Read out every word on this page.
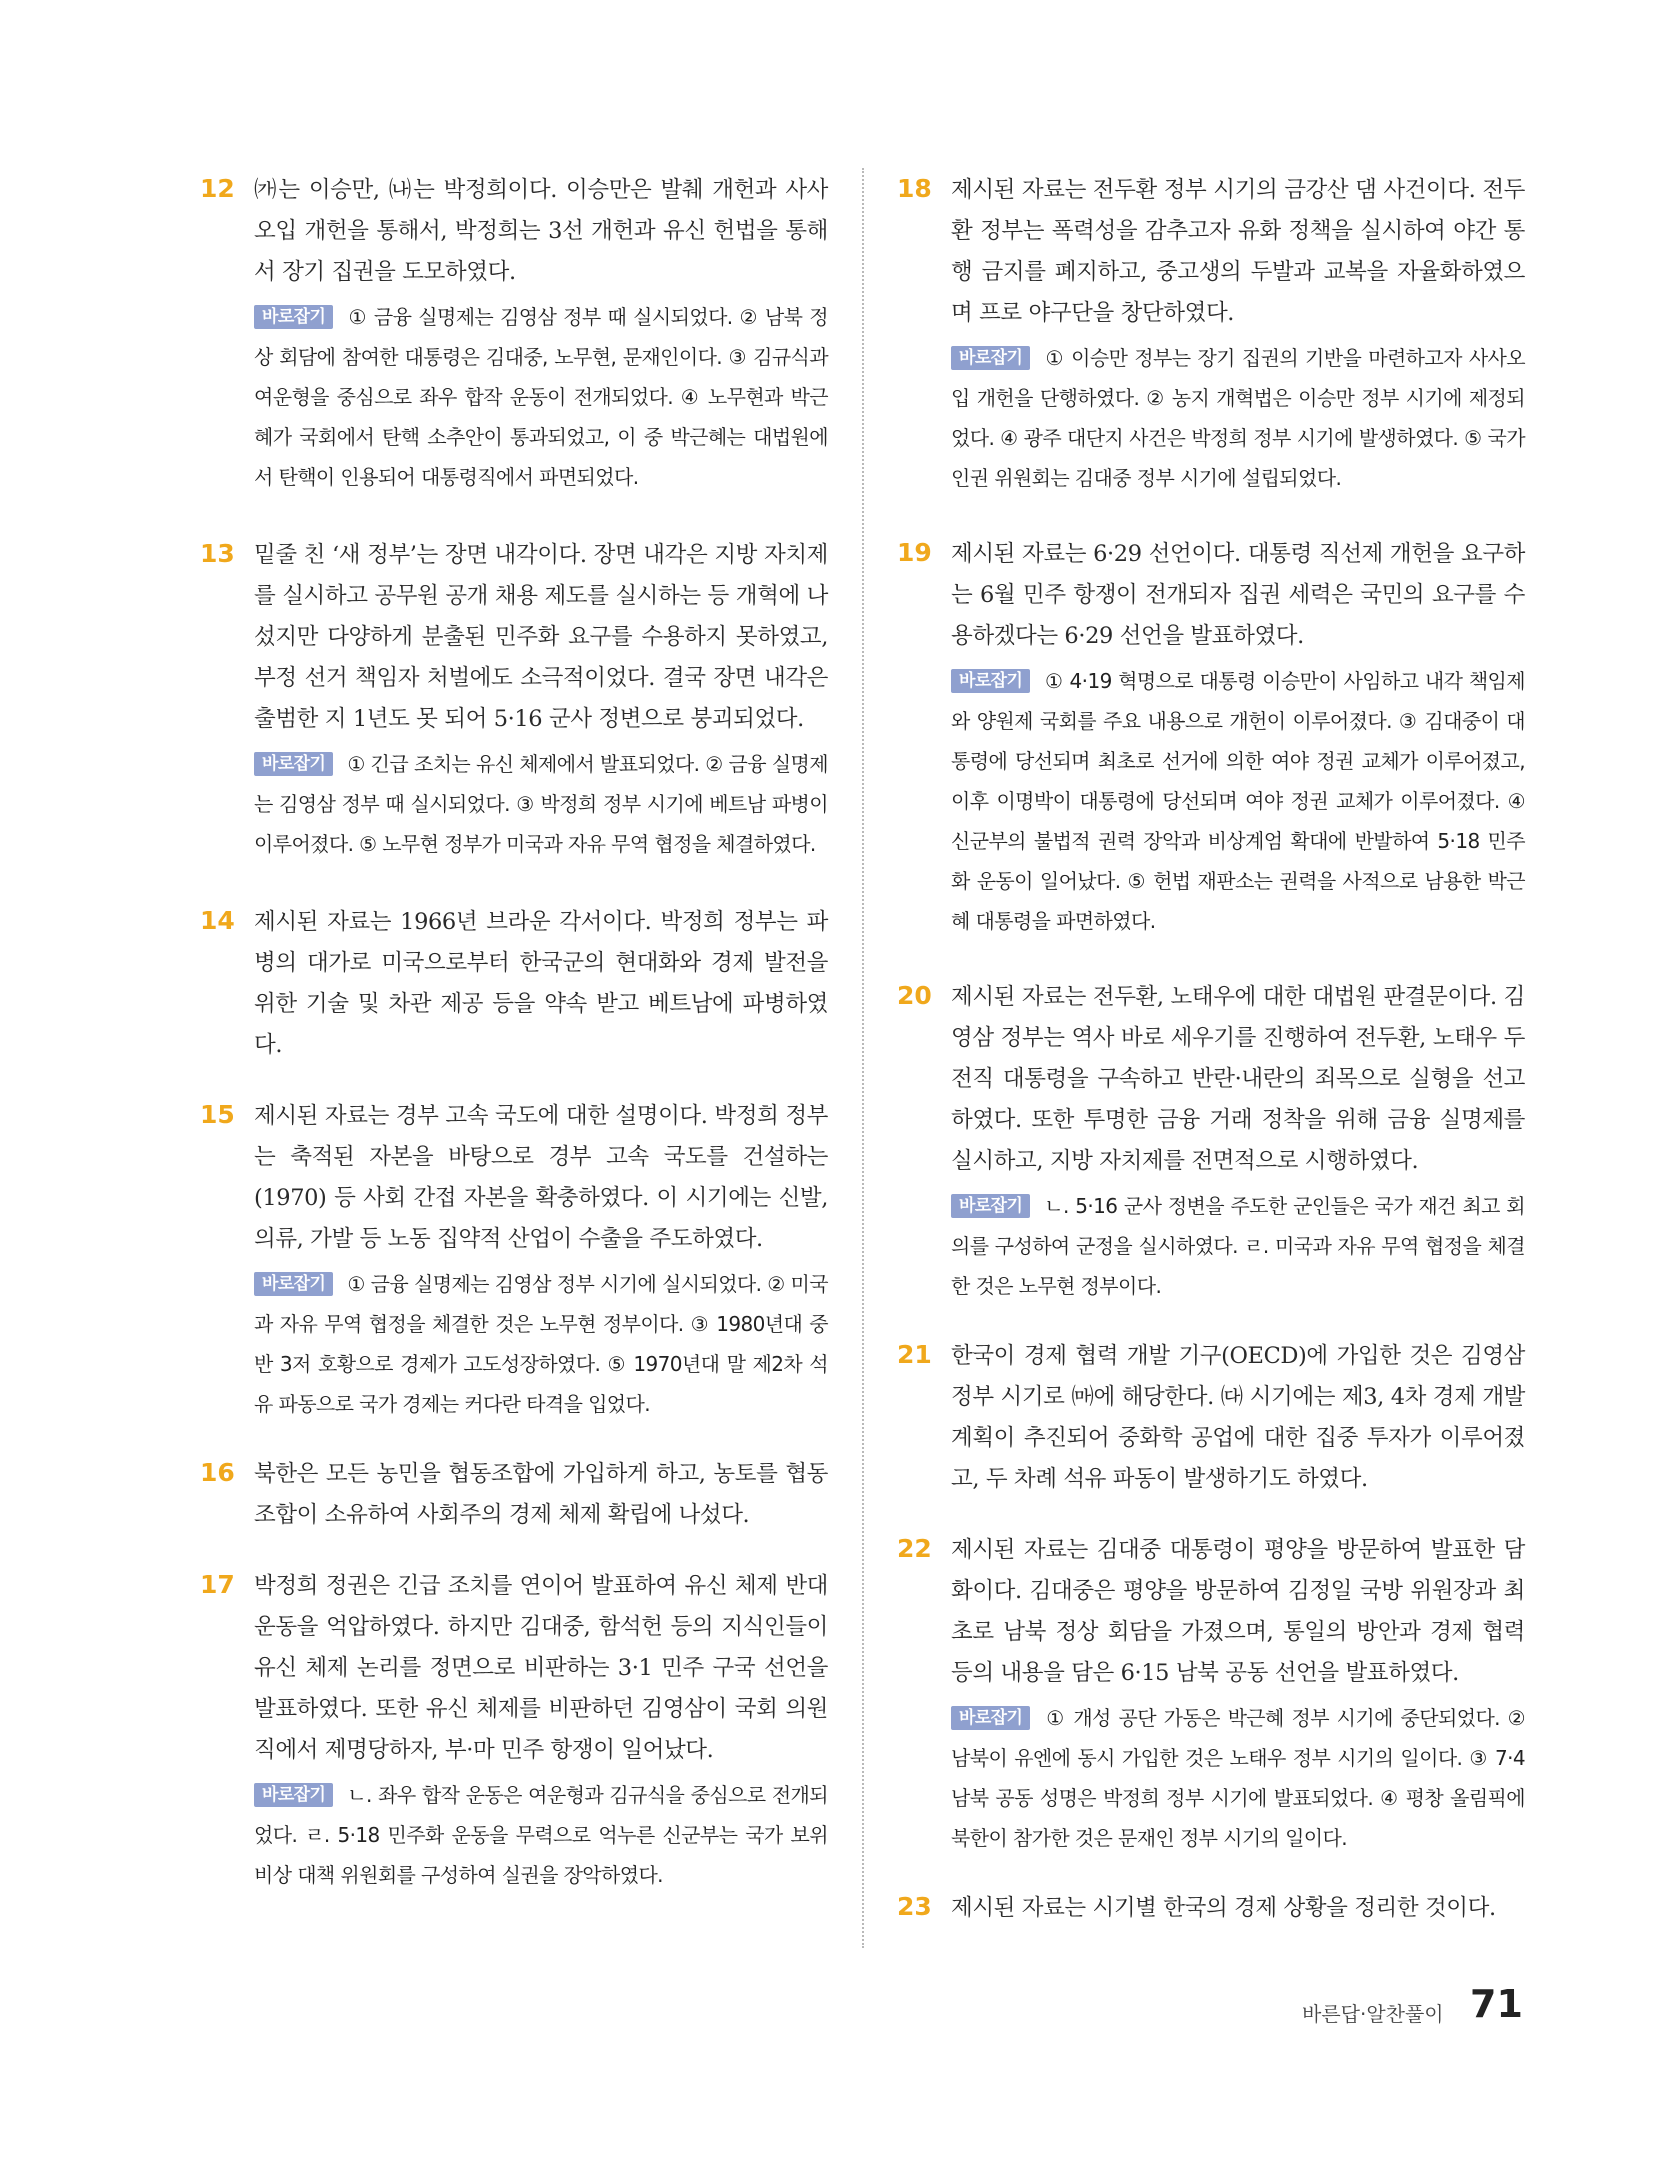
12 ㈎는 이승만, ㈏는 박정희이다. 이승만은 발췌 개헌과 사사오입 개헌을 통해서, 박정희는 3선 개헌과 유신 헌법을 통해서 장기 집권을 도모하였다.

바로잡기 ① 금융 실명제는 김영삼 정부 때 실시되었다. ② 남북 정상 회담에 참여한 대통령은 김대중, 노무현, 문재인이다. ③ 김규식과 여운형을 중심으로 좌우 합작 운동이 전개되었다. ④ 노무현과 박근혜가 국회에서 탄핵 소추안이 통과되었고, 이 중 박근혜는 대법원에서 탄핵이 인용되어 대통령직에서 파면되었다.

13 밑줄 친 ‘새 정부’는 장면 내각이다. 장면 내각은 지방 자치제를 실시하고 공무원 공개 채용 제도를 실시하는 등 개혁에 나섰지만 다양하게 분출된 민주화 요구를 수용하지 못하였고, 부정 선거 책임자 처벌에도 소극적이었다. 결국 장면 내각은 출범한 지 1년도 못 되어 5·16 군사 정변으로 붕괴되었다.

바로잡기 ① 긴급 조치는 유신 체제에서 발표되었다. ② 금융 실명제는 김영삼 정부 때 실시되었다. ③ 박정희 정부 시기에 베트남 파병이 이루어졌다. ⑤ 노무현 정부가 미국과 자유 무역 협정을 체결하였다.

14 제시된 자료는 1966년 브라운 각서이다. 박정희 정부는 파병의 대가로 미국으로부터 한국군의 현대화와 경제 발전을 위한 기술 및 차관 제공 등을 약속 받고 베트남에 파병하였다.

15 제시된 자료는 경부 고속 국도에 대한 설명이다. 박정희 정부는 축적된 자본을 바탕으로 경부 고속 국도를 건설하는 (1970) 등 사회 간접 자본을 확충하였다. 이 시기에는 신발, 의류, 가발 등 노동 집약적 산업이 수출을 주도하였다.

바로잡기 ① 금융 실명제는 김영삼 정부 시기에 실시되었다. ② 미국과 자유 무역 협정을 체결한 것은 노무현 정부이다. ③ 1980년대 중반 3저 호황으로 경제가 고도성장하였다. ⑤ 1970년대 말 제2차 석유 파동으로 국가 경제는 커다란 타격을 입었다.

16 북한은 모든 농민을 협동조합에 가입하게 하고, 농토를 협동조합이 소유하여 사회주의 경제 체제 확립에 나섰다.

17 박정희 정권은 긴급 조치를 연이어 발표하여 유신 체제 반대 운동을 억압하였다. 하지만 김대중, 함석헌 등의 지식인들이 유신 체제 논리를 정면으로 비판하는 3·1 민주 구국 선언을 발표하였다. 또한 유신 체제를 비판하던 김영삼이 국회 의원직에서 제명당하자, 부·마 민주 항쟁이 일어났다.

바로잡기 ㄴ. 좌우 합작 운동은 여운형과 김규식을 중심으로 전개되었다. ㄹ. 5·18 민주화 운동을 무력으로 억누른 신군부는 국가 보위 비상 대책 위원회를 구성하여 실권을 장악하였다.

18 제시된 자료는 전두환 정부 시기의 금강산 댐 사건이다. 전두환 정부는 폭력성을 감추고자 유화 정책을 실시하여 야간 통행 금지를 폐지하고, 중고생의 두발과 교복을 자율화하였으며 프로 야구단을 창단하였다.

바로잡기 ① 이승만 정부는 장기 집권의 기반을 마련하고자 사사오입 개헌을 단행하였다. ② 농지 개혁법은 이승만 정부 시기에 제정되었다. ④ 광주 대단지 사건은 박정희 정부 시기에 발생하였다. ⑤ 국가 인권 위원회는 김대중 정부 시기에 설립되었다.

19 제시된 자료는 6·29 선언이다. 대통령 직선제 개헌을 요구하는 6월 민주 항쟁이 전개되자 집권 세력은 국민의 요구를 수용하겠다는 6·29 선언을 발표하였다.

바로잡기 ① 4·19 혁명으로 대통령 이승만이 사임하고 내각 책임제와 양원제 국회를 주요 내용으로 개헌이 이루어졌다. ③ 김대중이 대통령에 당선되며 최초로 선거에 의한 여야 정권 교체가 이루어졌고, 이후 이명박이 대통령에 당선되며 여야 정권 교체가 이루어졌다. ④ 신군부의 불법적 권력 장악과 비상계엄 확대에 반발하여 5·18 민주화 운동이 일어났다. ⑤ 헌법 재판소는 권력을 사적으로 남용한 박근혜 대통령을 파면하였다.

20 제시된 자료는 전두환, 노태우에 대한 대법원 판결문이다. 김영삼 정부는 역사 바로 세우기를 진행하여 전두환, 노태우 두 전직 대통령을 구속하고 반란·내란의 죄목으로 실형을 선고하였다. 또한 투명한 금융 거래 정착을 위해 금융 실명제를 실시하고, 지방 자치제를 전면적으로 시행하였다.

바로잡기 ㄴ. 5·16 군사 정변을 주도한 군인들은 국가 재건 최고 회의를 구성하여 군정을 실시하였다. ㄹ. 미국과 자유 무역 협정을 체결한 것은 노무현 정부이다.

21 한국이 경제 협력 개발 기구(OECD)에 가입한 것은 김영삼 정부 시기로 ㈒에 해당한다. ㈐ 시기에는 제3, 4차 경제 개발 계획이 추진되어 중화학 공업에 대한 집중 투자가 이루어졌고, 두 차례 석유 파동이 발생하기도 하였다.

22 제시된 자료는 김대중 대통령이 평양을 방문하여 발표한 담화이다. 김대중은 평양을 방문하여 김정일 국방 위원장과 최초로 남북 정상 회담을 가졌으며, 통일의 방안과 경제 협력 등의 내용을 담은 6·15 남북 공동 선언을 발표하였다.

바로잡기 ① 개성 공단 가동은 박근혜 정부 시기에 중단되었다. ② 남북이 유엔에 동시 가입한 것은 노태우 정부 시기의 일이다. ③ 7·4 남북 공동 성명은 박정희 정부 시기에 발표되었다. ④ 평창 올림픽에 북한이 참가한 것은 문재인 정부 시기의 일이다.

23 제시된 자료는 시기별 한국의 경제 상황을 정리한 것이다.

바른답·알찬풀이 71
